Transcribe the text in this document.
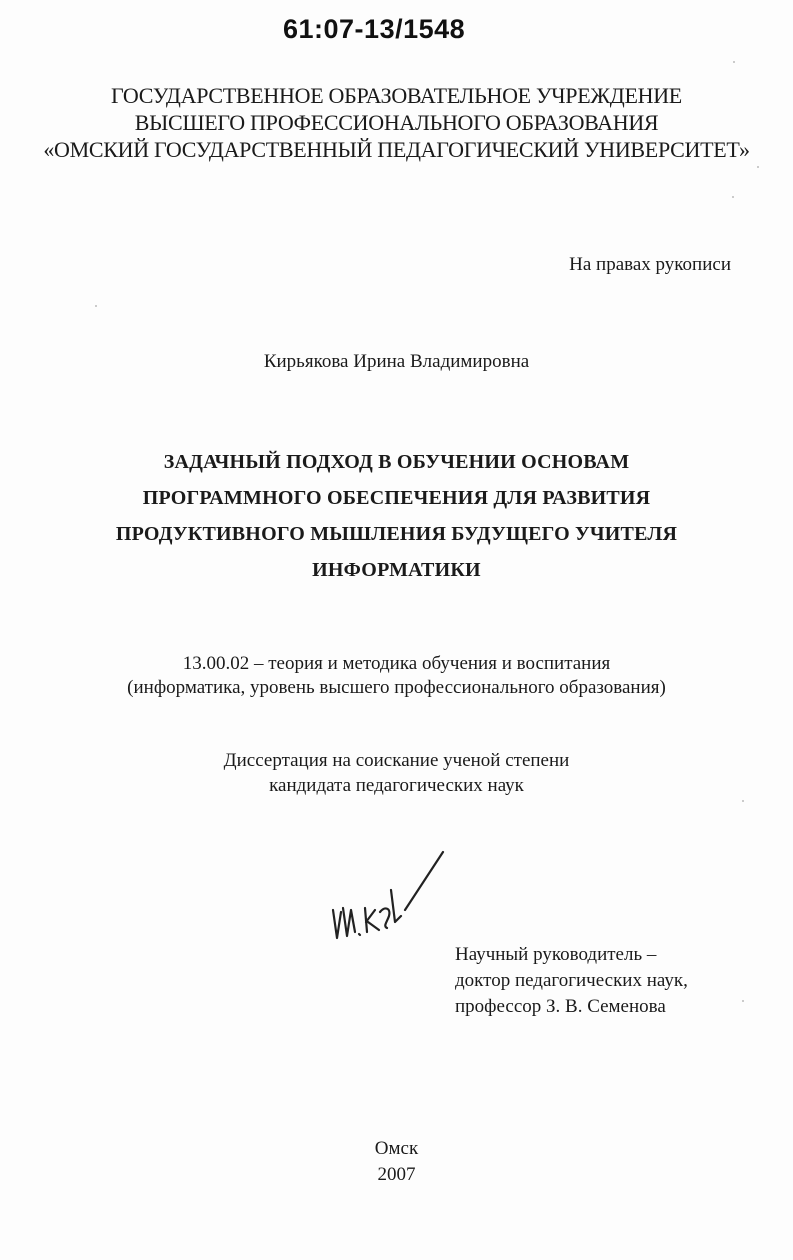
61:07-13/1548
ГОСУДАРСТВЕННОЕ ОБРАЗОВАТЕЛЬНОЕ УЧРЕЖДЕНИЕ
ВЫСШЕГО ПРОФЕССИОНАЛЬНОГО ОБРАЗОВАНИЯ
«ОМСКИЙ ГОСУДАРСТВЕННЫЙ ПЕДАГОГИЧЕСКИЙ УНИВЕРСИТЕТ»
На правах рукописи
Кирьякова Ирина Владимировна
ЗАДАЧНЫЙ ПОДХОД В ОБУЧЕНИИ ОСНОВАМ
ПРОГРАММНОГО ОБЕСПЕЧЕНИЯ ДЛЯ РАЗВИТИЯ
ПРОДУКТИВНОГО МЫШЛЕНИЯ БУДУЩЕГО УЧИТЕЛЯ
ИНФОРМАТИКИ
13.00.02 – теория и методика обучения и воспитания
(информатика, уровень высшего профессионального образования)
Диссертация на соискание ученой степени
кандидата педагогических наук
Научный руководитель –
доктор педагогических наук,
профессор З. В. Семенова
Омск
2007
